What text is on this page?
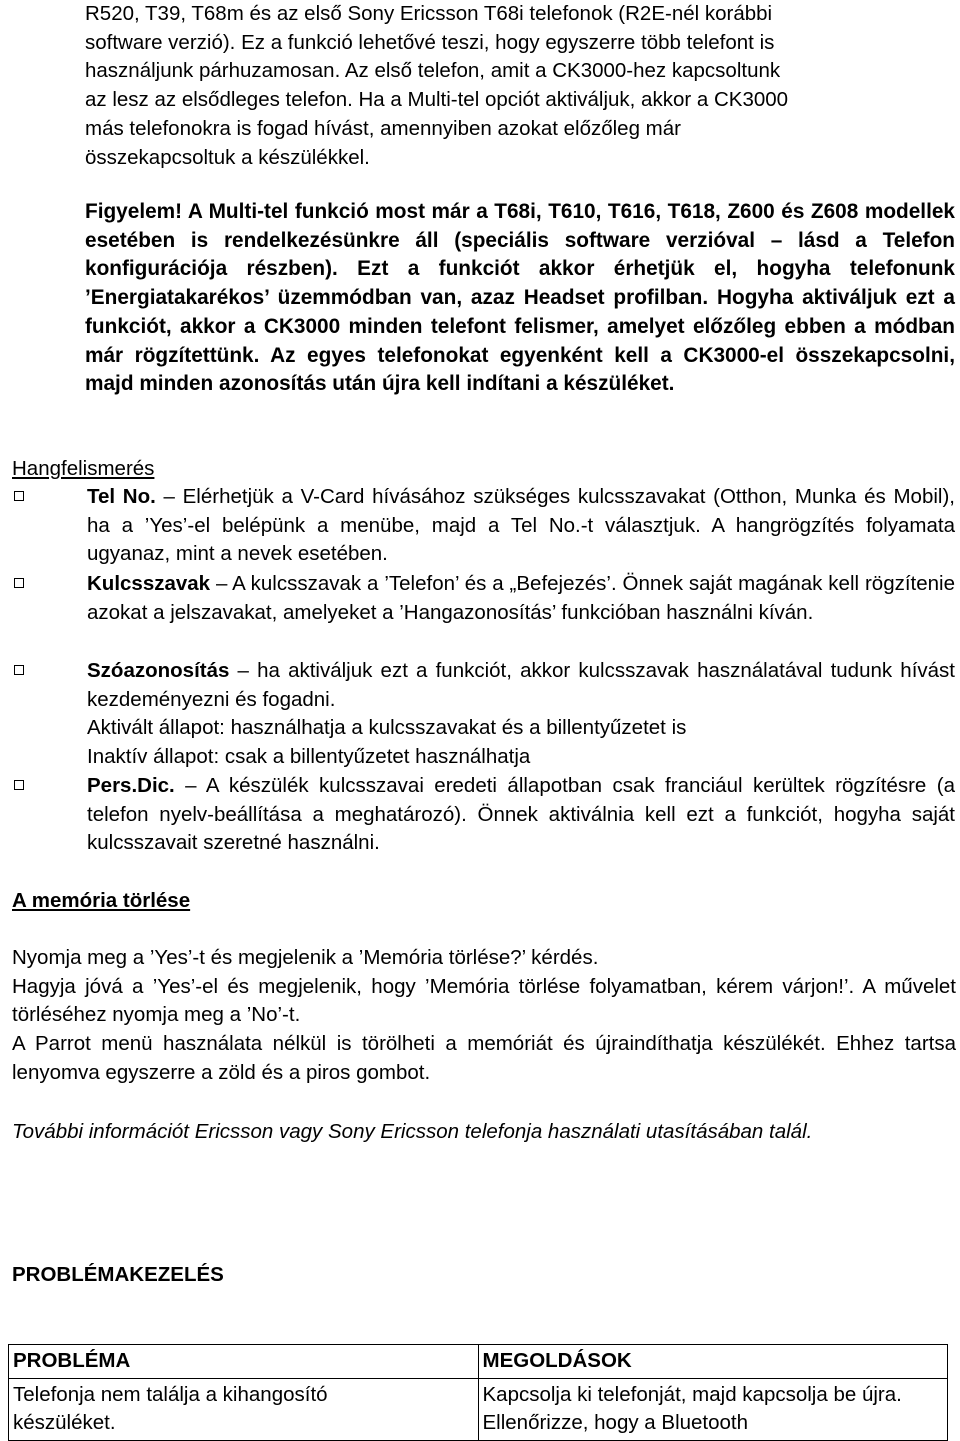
R520, T39, T68m és az első Sony Ericsson T68i telefonok (R2E-nél korábbi

software verzió). Ez a funkció lehetővé teszi, hogy egyszerre több telefont is

használjunk párhuzamosan. Az első telefon, amit a CK3000-hez kapcsoltunk

az lesz az elsődleges telefon. Ha a Multi-tel opciót aktiváljuk, akkor a CK3000

más telefonokra is fogad hívást, amennyiben azokat előzőleg már

összekapcsoltuk a készülékkel.

Figyelem! A Multi-tel funkció most már a T68i, T610, T616, T618, Z600 és Z608 modellek esetében is rendelkezésünkre áll (speciális software verzióval – lásd a Telefon konfigurációja részben). Ezt a funkciót akkor érhetjük el, hogyha telefonunk ’Energiatakarékos’ üzemmódban van, azaz Headset profilban. Hogyha aktiváljuk ezt a funkciót, akkor a CK3000 minden telefont felismer, amelyet előzőleg ebben a módban már rögzítettünk. Az egyes telefonokat egyenként kell a CK3000-el összekapcsolni, majd minden azonosítás után újra kell indítani a készüléket.

Hangfelismerés
Tel No. – Elérhetjük a V-Card hívásához szükséges kulcsszavakat (Otthon, Munka és Mobil), ha a ’Yes’-el belépünk a menübe, majd a Tel No.-t választjuk. A hangrögzítés folyamata ugyanaz, mint a nevek esetében.
Kulcsszavak – A kulcsszavak a ’Telefon’ és a „Befejezés’. Önnek saját magának kell rögzítenie azokat a jelszavakat, amelyeket a ’Hangazonosítás’ funkcióban használni kíván.
Szóazonosítás – ha aktiváljuk ezt a funkciót, akkor kulcsszavak használatával tudunk hívást kezdeményezni és fogadni.
Aktivált állapot: használhatja a kulcsszavakat és a billentyűzetet is
Inaktív állapot: csak a billentyűzetet használhatja
Pers.Dic. – A készülék kulcsszavai eredeti állapotban csak franciául kerültek rögzítésre (a telefon nyelv-beállítása a meghatározó). Önnek aktiválnia kell ezt a funkciót, hogyha saját kulcsszavait szeretné használni.
A memória törlése

Nyomja meg a ’Yes’-t és megjelenik a ’Memória törlése?’ kérdés.

Hagyja jóvá a ’Yes’-el és megjelenik, hogy ’Memória törlése folyamatban, kérem várjon!’. A művelet törléséhez nyomja meg a ’No’-t.

A Parrot menü használata nélkül is törölheti a memóriát és újraindíthatja készülékét. Ehhez tartsa lenyomva egyszerre a zöld és a piros gombot.

További információt Ericsson vagy Sony Ericsson telefonja használati utasításában talál.

PROBLÉMAKEZELÉS
PROBLÉMA	MEGOLDÁSOK
Telefonja nem találja a kihangosító készüléket.	Kapcsolja ki telefonját, majd kapcsolja be újra. Ellenőrizze, hogy a Bluetooth
